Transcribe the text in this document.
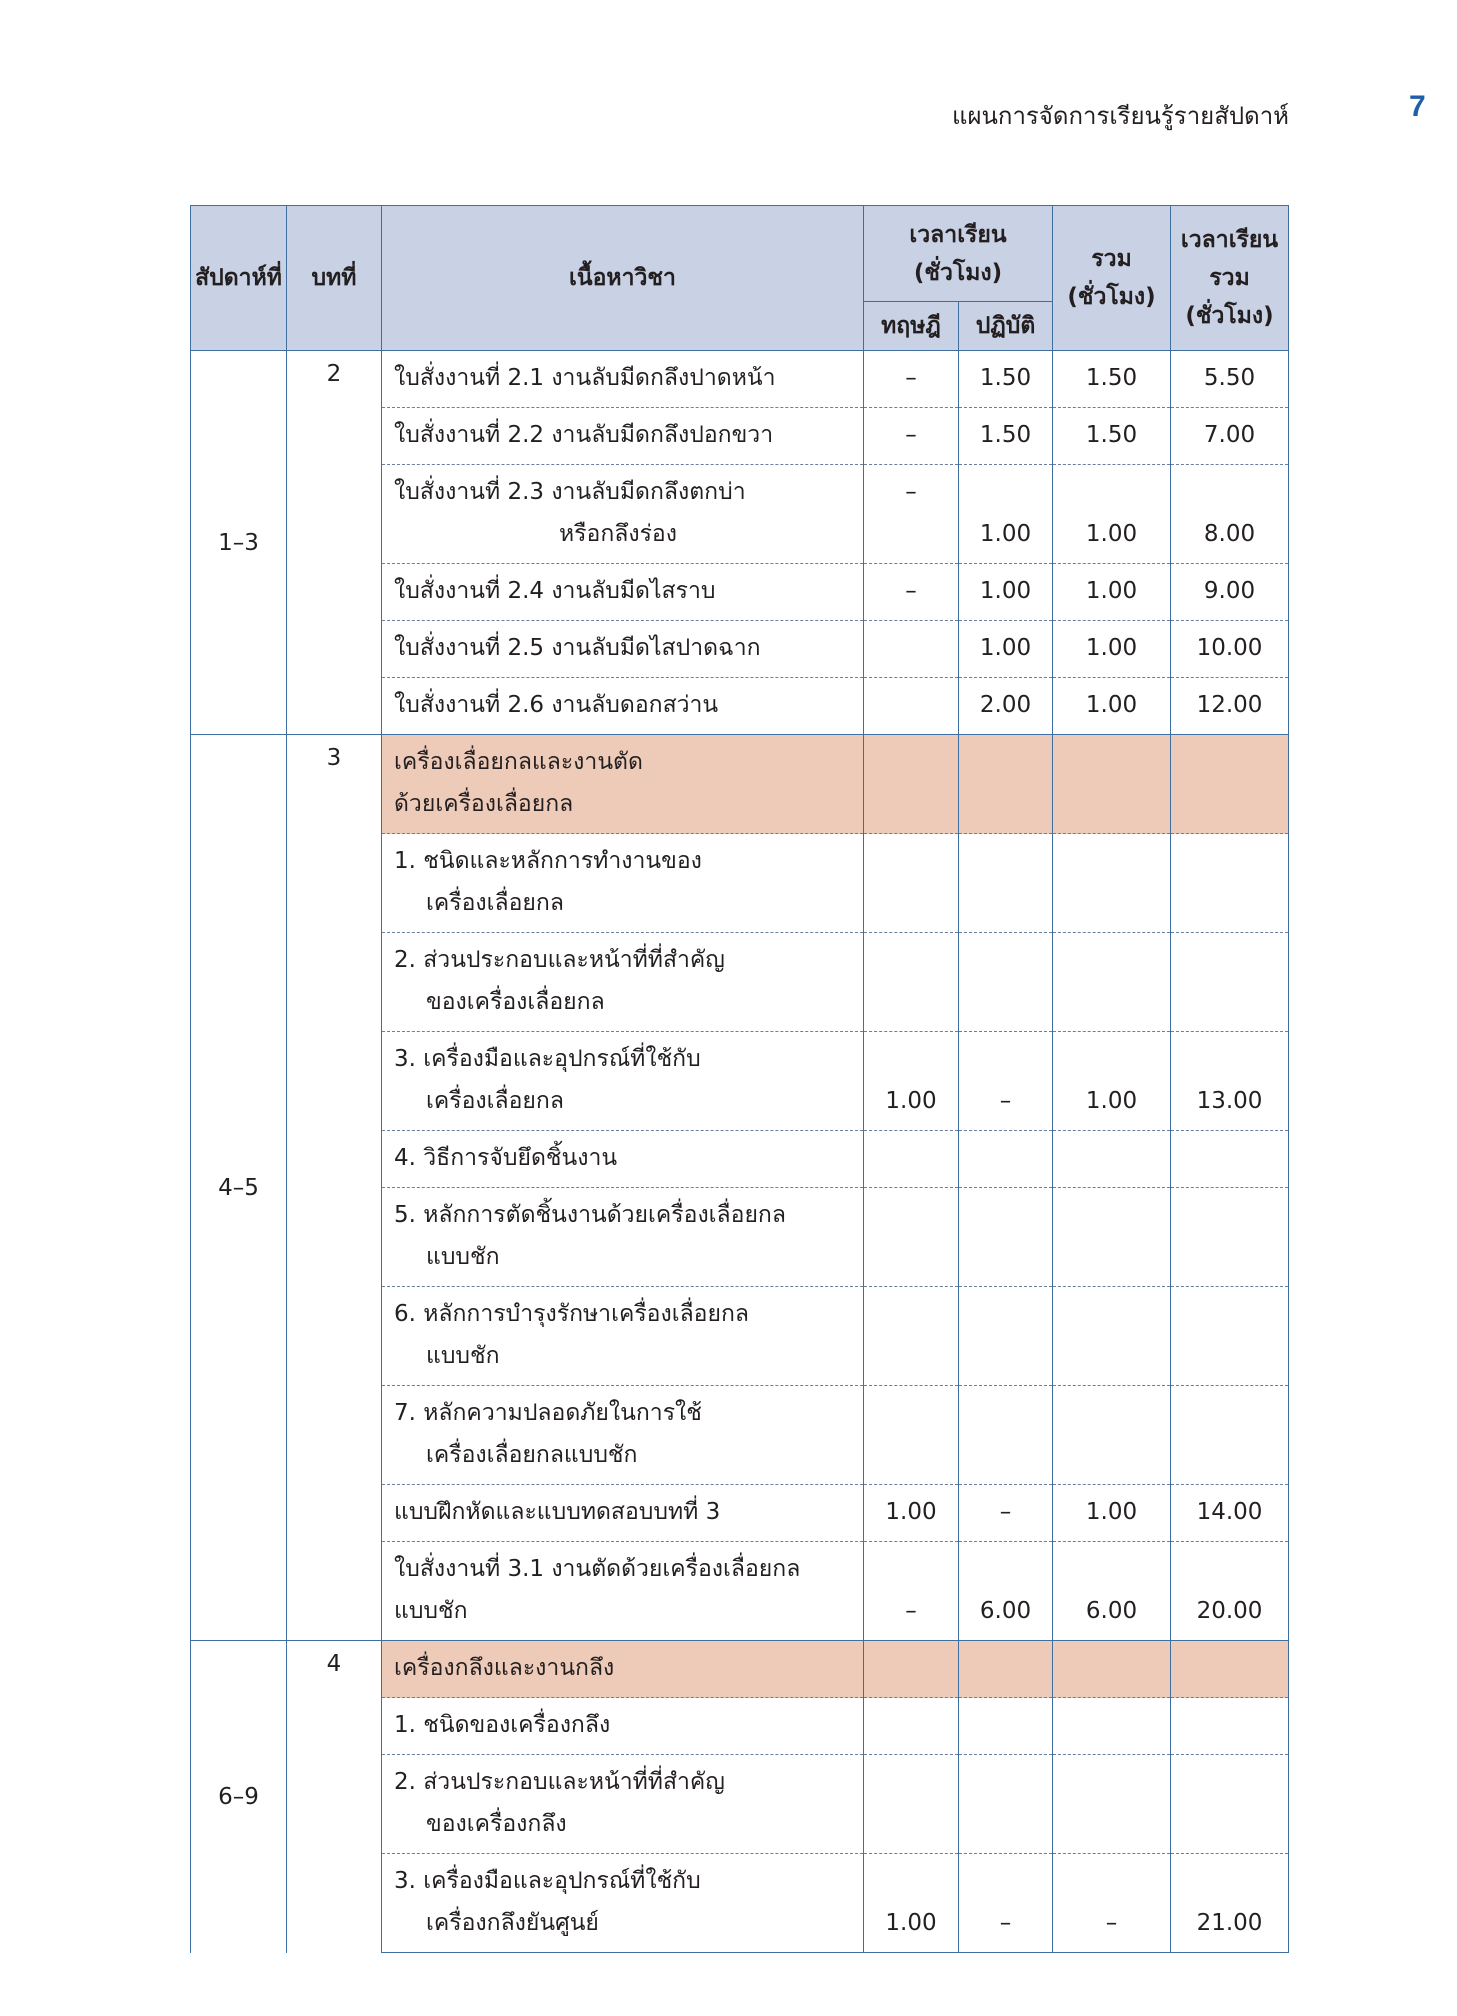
แผนการจัดการเรียนรู้รายสัปดาห์	7
สัปดาห์ที่	บทที่	เนื้อหาวิชา	เวลาเรียน (ชั่วโมง)		รวม (ชั่วโมง)	เวลาเรียนรวม (ชั่วโมง)
			ทฤษฎี	ปฏิบัติ		
1–3	2	ใบสั่งงานที่ 2.1 งานลับมีดกลึงปาดหน้า	–	1.50	1.50	5.50

		ใบสั่งงานที่ 2.2 งานลับมีดกลึงปอกขวา	–	1.50	1.50	7.00

		ใบสั่งงานที่ 2.3 งานลับมีดกลึงตกบ่า
หรือกลึงร่อง	–	1.00	1.00	8.00

		ใบสั่งงานที่ 2.4 งานลับมีดไสราบ	–	1.00	1.00	9.00

		ใบสั่งงานที่ 2.5 งานลับมีดไสปาดฉาก		1.00	1.00	10.00

		ใบสั่งงานที่ 2.6 งานลับดอกสว่าน		2.00	1.00	12.00
4–5	3	เครื่องเลื่อยกลและงานตัด
ด้วยเครื่องเลื่อยกล				

		1. ชนิดและหลักการทำงานของ
เครื่องเลื่อยกล				

		2. ส่วนประกอบและหน้าที่ที่สำคัญ
ของเครื่องเลื่อยกล				

		3. เครื่องมือและอุปกรณ์ที่ใช้กับ
เครื่องเลื่อยกล	1.00	–	1.00	13.00

		4. วิธีการจับยึดชิ้นงาน				

		5. หลักการตัดชิ้นงานด้วยเครื่องเลื่อยกล
แบบชัก				

		6. หลักการบำรุงรักษาเครื่องเลื่อยกล
แบบชัก				

		7. หลักความปลอดภัยในการใช้
เครื่องเลื่อยกลแบบชัก				

		แบบฝึกหัดและแบบทดสอบบทที่ 3	1.00	–	1.00	14.00

		ใบสั่งงานที่ 3.1 งานตัดด้วยเครื่องเลื่อยกล
แบบชัก	–	6.00	6.00	20.00
6–9	4	เครื่องกลึงและงานกลึง				

		1. ชนิดของเครื่องกลึง				

		2. ส่วนประกอบและหน้าที่ที่สำคัญ
ของเครื่องกลึง				

		3. เครื่องมือและอุปกรณ์ที่ใช้กับ
เครื่องกลึงยันศูนย์	1.00	–	–	21.00
